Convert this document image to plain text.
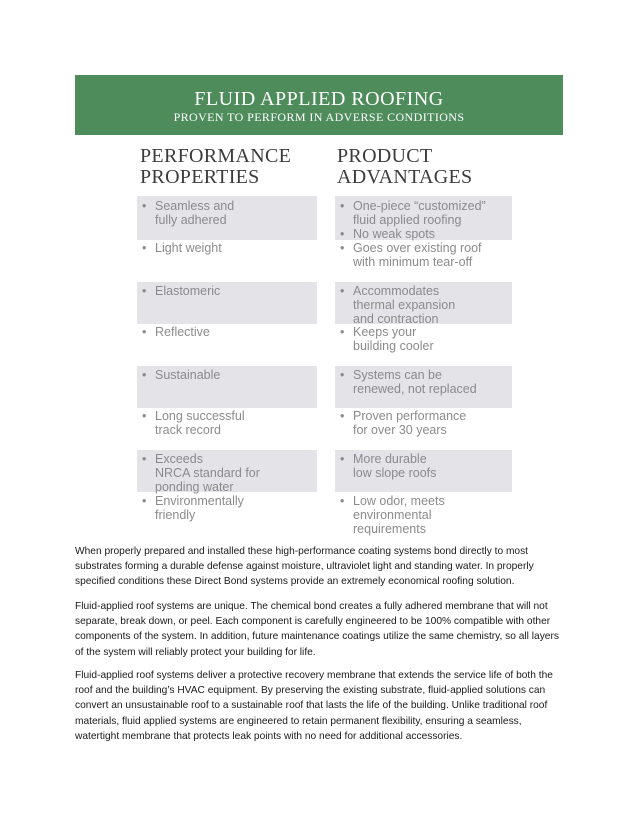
FLUID APPLIED ROOFING
PROVEN TO PERFORM IN ADVERSE CONDITIONS
PERFORMANCE
PROPERTIES
PRODUCT
ADVANTAGES
• Seamless and
fully adhered
• Light weight
• Elastomeric
• Reflective
• Sustainable
• Long successful
track record
• Exceeds
NRCA standard for
ponding water
• Environmentally
friendly
• One-piece “customized”
fluid applied roofing
• No weak spots
• Goes over existing roof
with minimum tear-off
• Accommodates
thermal expansion
and contraction
• Keeps your
building cooler
• Systems can be
renewed, not replaced
• Proven performance
for over 30 years
• More durable
low slope roofs
• Low odor, meets
environmental
requirements

When properly prepared and installed these high-performance coating systems bond directly to most substrates forming a durable defense against moisture, ultraviolet light and standing water. In properly specified conditions these Direct Bond systems provide an extremely economical roofing solution.

Fluid-applied roof systems are unique. The chemical bond creates a fully adhered membrane that will not separate, break down, or peel. Each component is carefully engineered to be 100% compatible with other components of the system. In addition, future maintenance coatings utilize the same chemistry, so all layers of the system will reliably protect your building for life.

Fluid-applied roof systems deliver a protective recovery membrane that extends the service life of both the roof and the building’s HVAC equipment. By preserving the existing substrate, fluid-applied solutions can convert an unsustainable roof to a sustainable roof that lasts the life of the building. Unlike traditional roof materials, fluid applied systems are engineered to retain permanent flexibility, ensuring a seamless, watertight membrane that protects leak points with no need for additional accessories.
